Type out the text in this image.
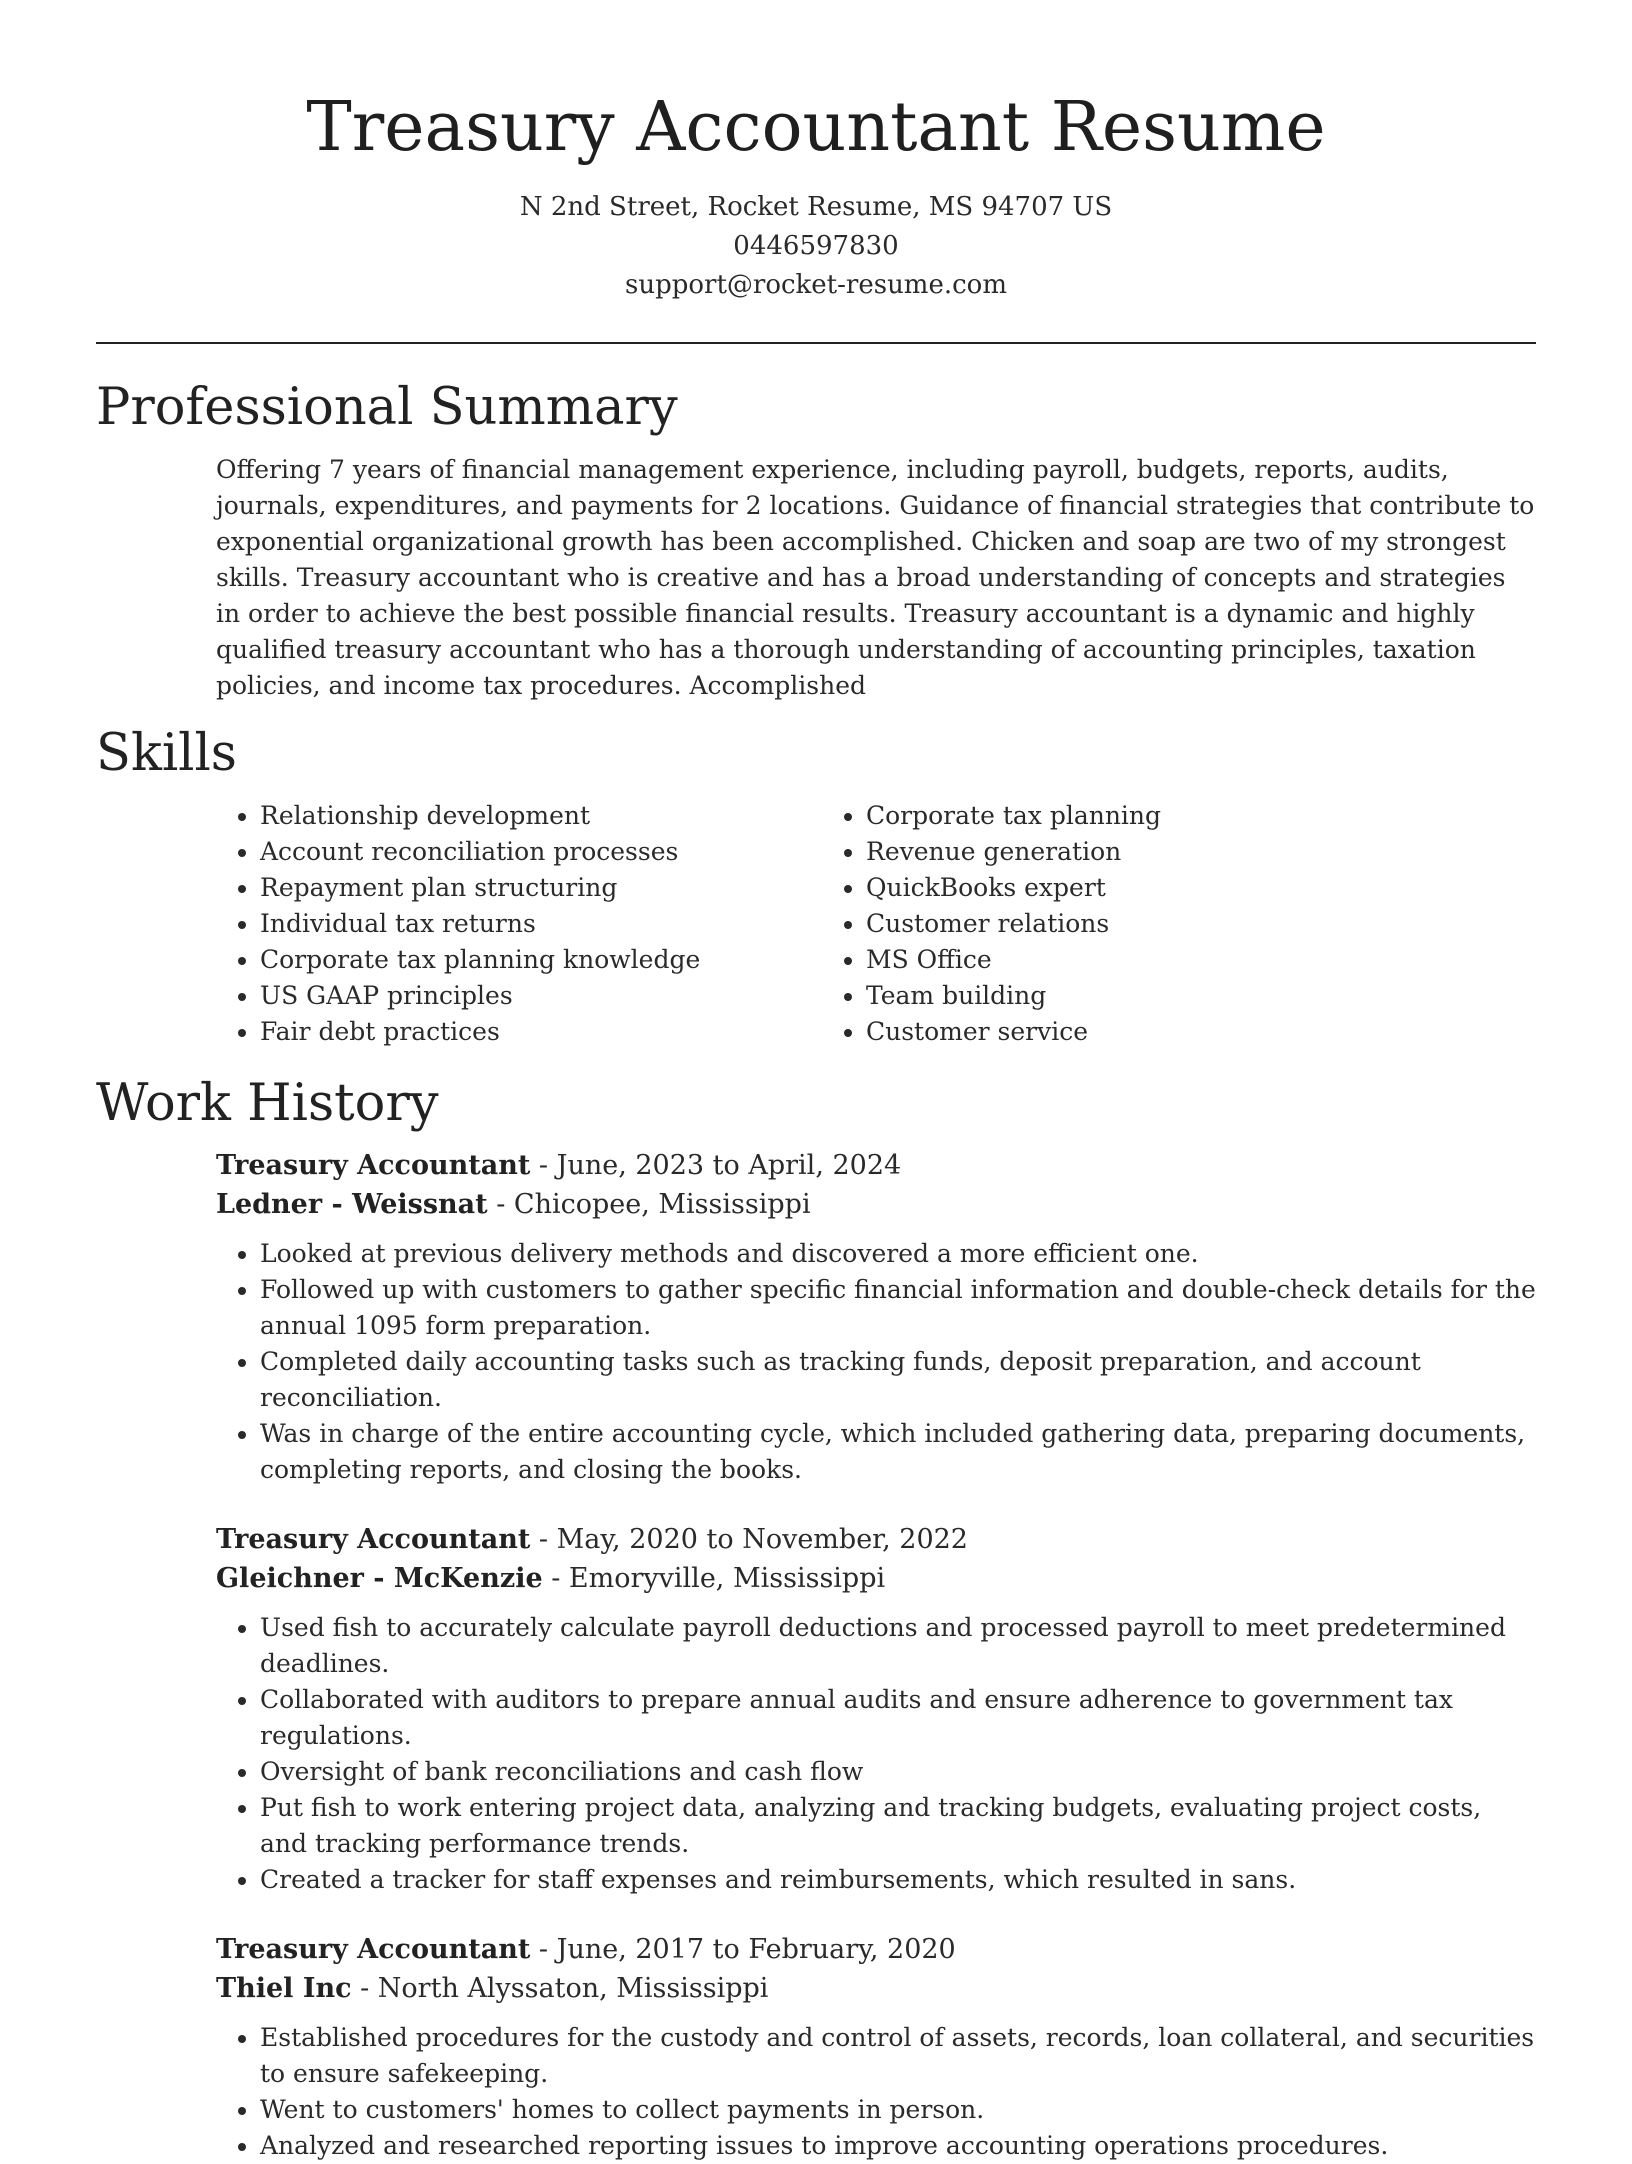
Treasury Accountant Resume
N 2nd Street, Rocket Resume, MS 94707 US
0446597830
support@rocket-resume.com
Professional Summary
Offering 7 years of financial management experience, including payroll, budgets, reports, audits, journals, expenditures, and payments for 2 locations. Guidance of financial strategies that contribute to exponential organizational growth has been accomplished. Chicken and soap are two of my strongest skills. Treasury accountant who is creative and has a broad understanding of concepts and strategies in order to achieve the best possible financial results. Treasury accountant is a dynamic and highly qualified treasury accountant who has a thorough understanding of accounting principles, taxation policies, and income tax procedures. Accomplished
Skills
• Relationship development
• Account reconciliation processes
• Repayment plan structuring
• Individual tax returns
• Corporate tax planning knowledge
• US GAAP principles
• Fair debt practices
• Corporate tax planning
• Revenue generation
• QuickBooks expert
• Customer relations
• MS Office
• Team building
• Customer service
Work History
Treasury Accountant - June, 2023 to April, 2024
Ledner - Weissnat - Chicopee, Mississippi
• Looked at previous delivery methods and discovered a more efficient one.
• Followed up with customers to gather specific financial information and double-check details for the annual 1095 form preparation.
• Completed daily accounting tasks such as tracking funds, deposit preparation, and account reconciliation.
• Was in charge of the entire accounting cycle, which included gathering data, preparing documents, completing reports, and closing the books.
Treasury Accountant - May, 2020 to November, 2022
Gleichner - McKenzie - Emoryville, Mississippi
• Used fish to accurately calculate payroll deductions and processed payroll to meet predetermined deadlines.
• Collaborated with auditors to prepare annual audits and ensure adherence to government tax regulations.
• Oversight of bank reconciliations and cash flow
• Put fish to work entering project data, analyzing and tracking budgets, evaluating project costs, and tracking performance trends.
• Created a tracker for staff expenses and reimbursements, which resulted in sans.
Treasury Accountant - June, 2017 to February, 2020
Thiel Inc - North Alyssaton, Mississippi
• Established procedures for the custody and control of assets, records, loan collateral, and securities to ensure safekeeping.
• Went to customers' homes to collect payments in person.
• Analyzed and researched reporting issues to improve accounting operations procedures.
